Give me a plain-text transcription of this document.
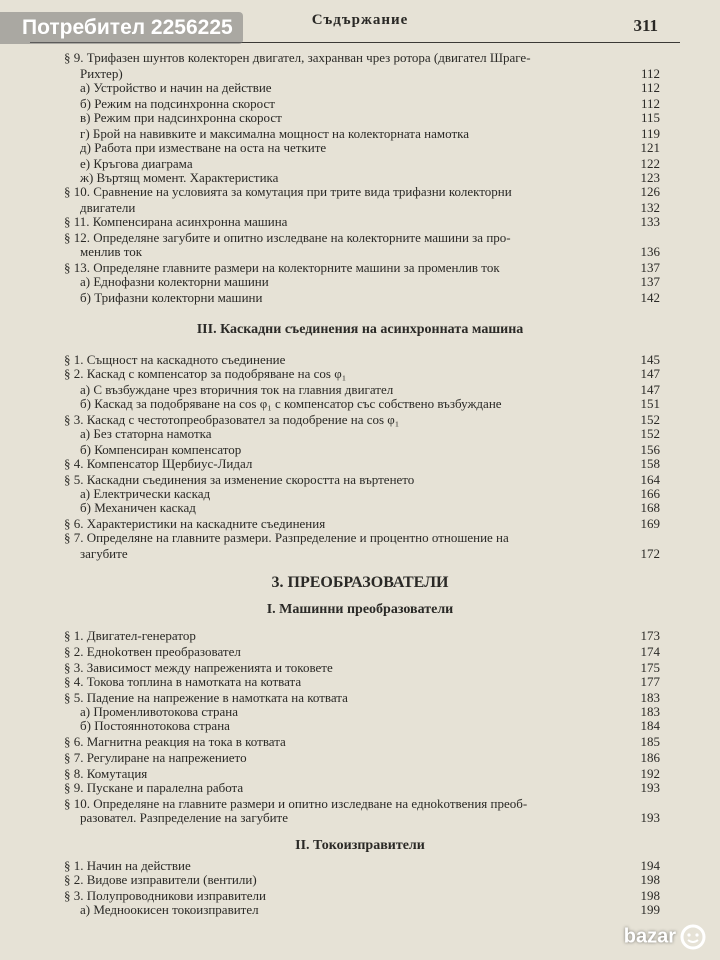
Съдържание	311
Потребител 2256225
§ 9. Трифазен шунтов колекторен двигател, захранван чрез ротора (двигател Шраге-
Рихтер)	112
а) Устройство и начин на действие	112
б) Режим на подсинхронна скорост	112
в) Режим при надсинхронна скорост	115
г) Брой на навивките и максимална мощност на колекторната намотка	119
д) Работа при изместване на оста на четките	121
е) Кръгова диаграма	122
ж) Въртящ момент. Характеристика	123
§ 10. Сравнение на условията за комутация при трите вида трифазни колекторни	126
двигатели	132
§ 11. Компенсирана асинхронна машина	133
§ 12. Определяне загубите и опитно изследване на колекторните машини за про-
менлив ток	136
§ 13. Определяне главните размери на колекторните машини за променлив ток	137
а) Еднофазни колекторни машини	137
б) Трифазни колекторни машини	142
III. Каскадни съединения на асинхронната машина
§ 1. Същност на каскадното съединение	145
§ 2. Каскад с компенсатор за подобряване на cos φ₁	147
а) С възбуждане чрез вторичния ток на главния двигател	147
б) Каскад за подобряване на cos φ₁ с компенсатор със собствено възбуждане	151
§ 3. Каскад с честотопреобразовател за подобрение на cos φ₁	152
а) Без статорна намотка	152
б) Компенсиран компенсатор	156
§ 4. Компенсатор Щербиус-Лидал	158
§ 5. Каскадни съединения за изменение скоростта на въртенето	164
а) Електрически каскад	166
б) Механичен каскад	168
§ 6. Характеристики на каскадните съединения	169
§ 7. Определяне на главните размери. Разпределение и процентно отношение на
загубите	172
3. ПРЕОБРАЗОВАТЕЛИ
I. Машинни преобразователи
§ 1. Двигател-генератор	173
§ 2. Едноkотвен преобразовател	174
§ 3. Зависимост между напреженията и токовете	175
§ 4. Токова топлина в намотката на котвата	177
§ 5. Падение на напрежение в намотката на котвата	183
а) Променливотокова страна	183
б) Постояннотокова страна	184
§ 6. Магнитна реакция на тока в котвата	185
§ 7. Регулиране на напрежението	186
§ 8. Комутация	192
§ 9. Пускане и паралелна работа	193
§ 10. Определяне на главните размери и опитно изследване на едноkотвения преоб-
разовател. Разпределение на загубите	193
II. Токоизправители
§ 1. Начин на действие	194
§ 2. Видове изправители (вентили)	198
§ 3. Полупроводникови изправители	198
а) Медноокисен токоизправител	199
bazar
